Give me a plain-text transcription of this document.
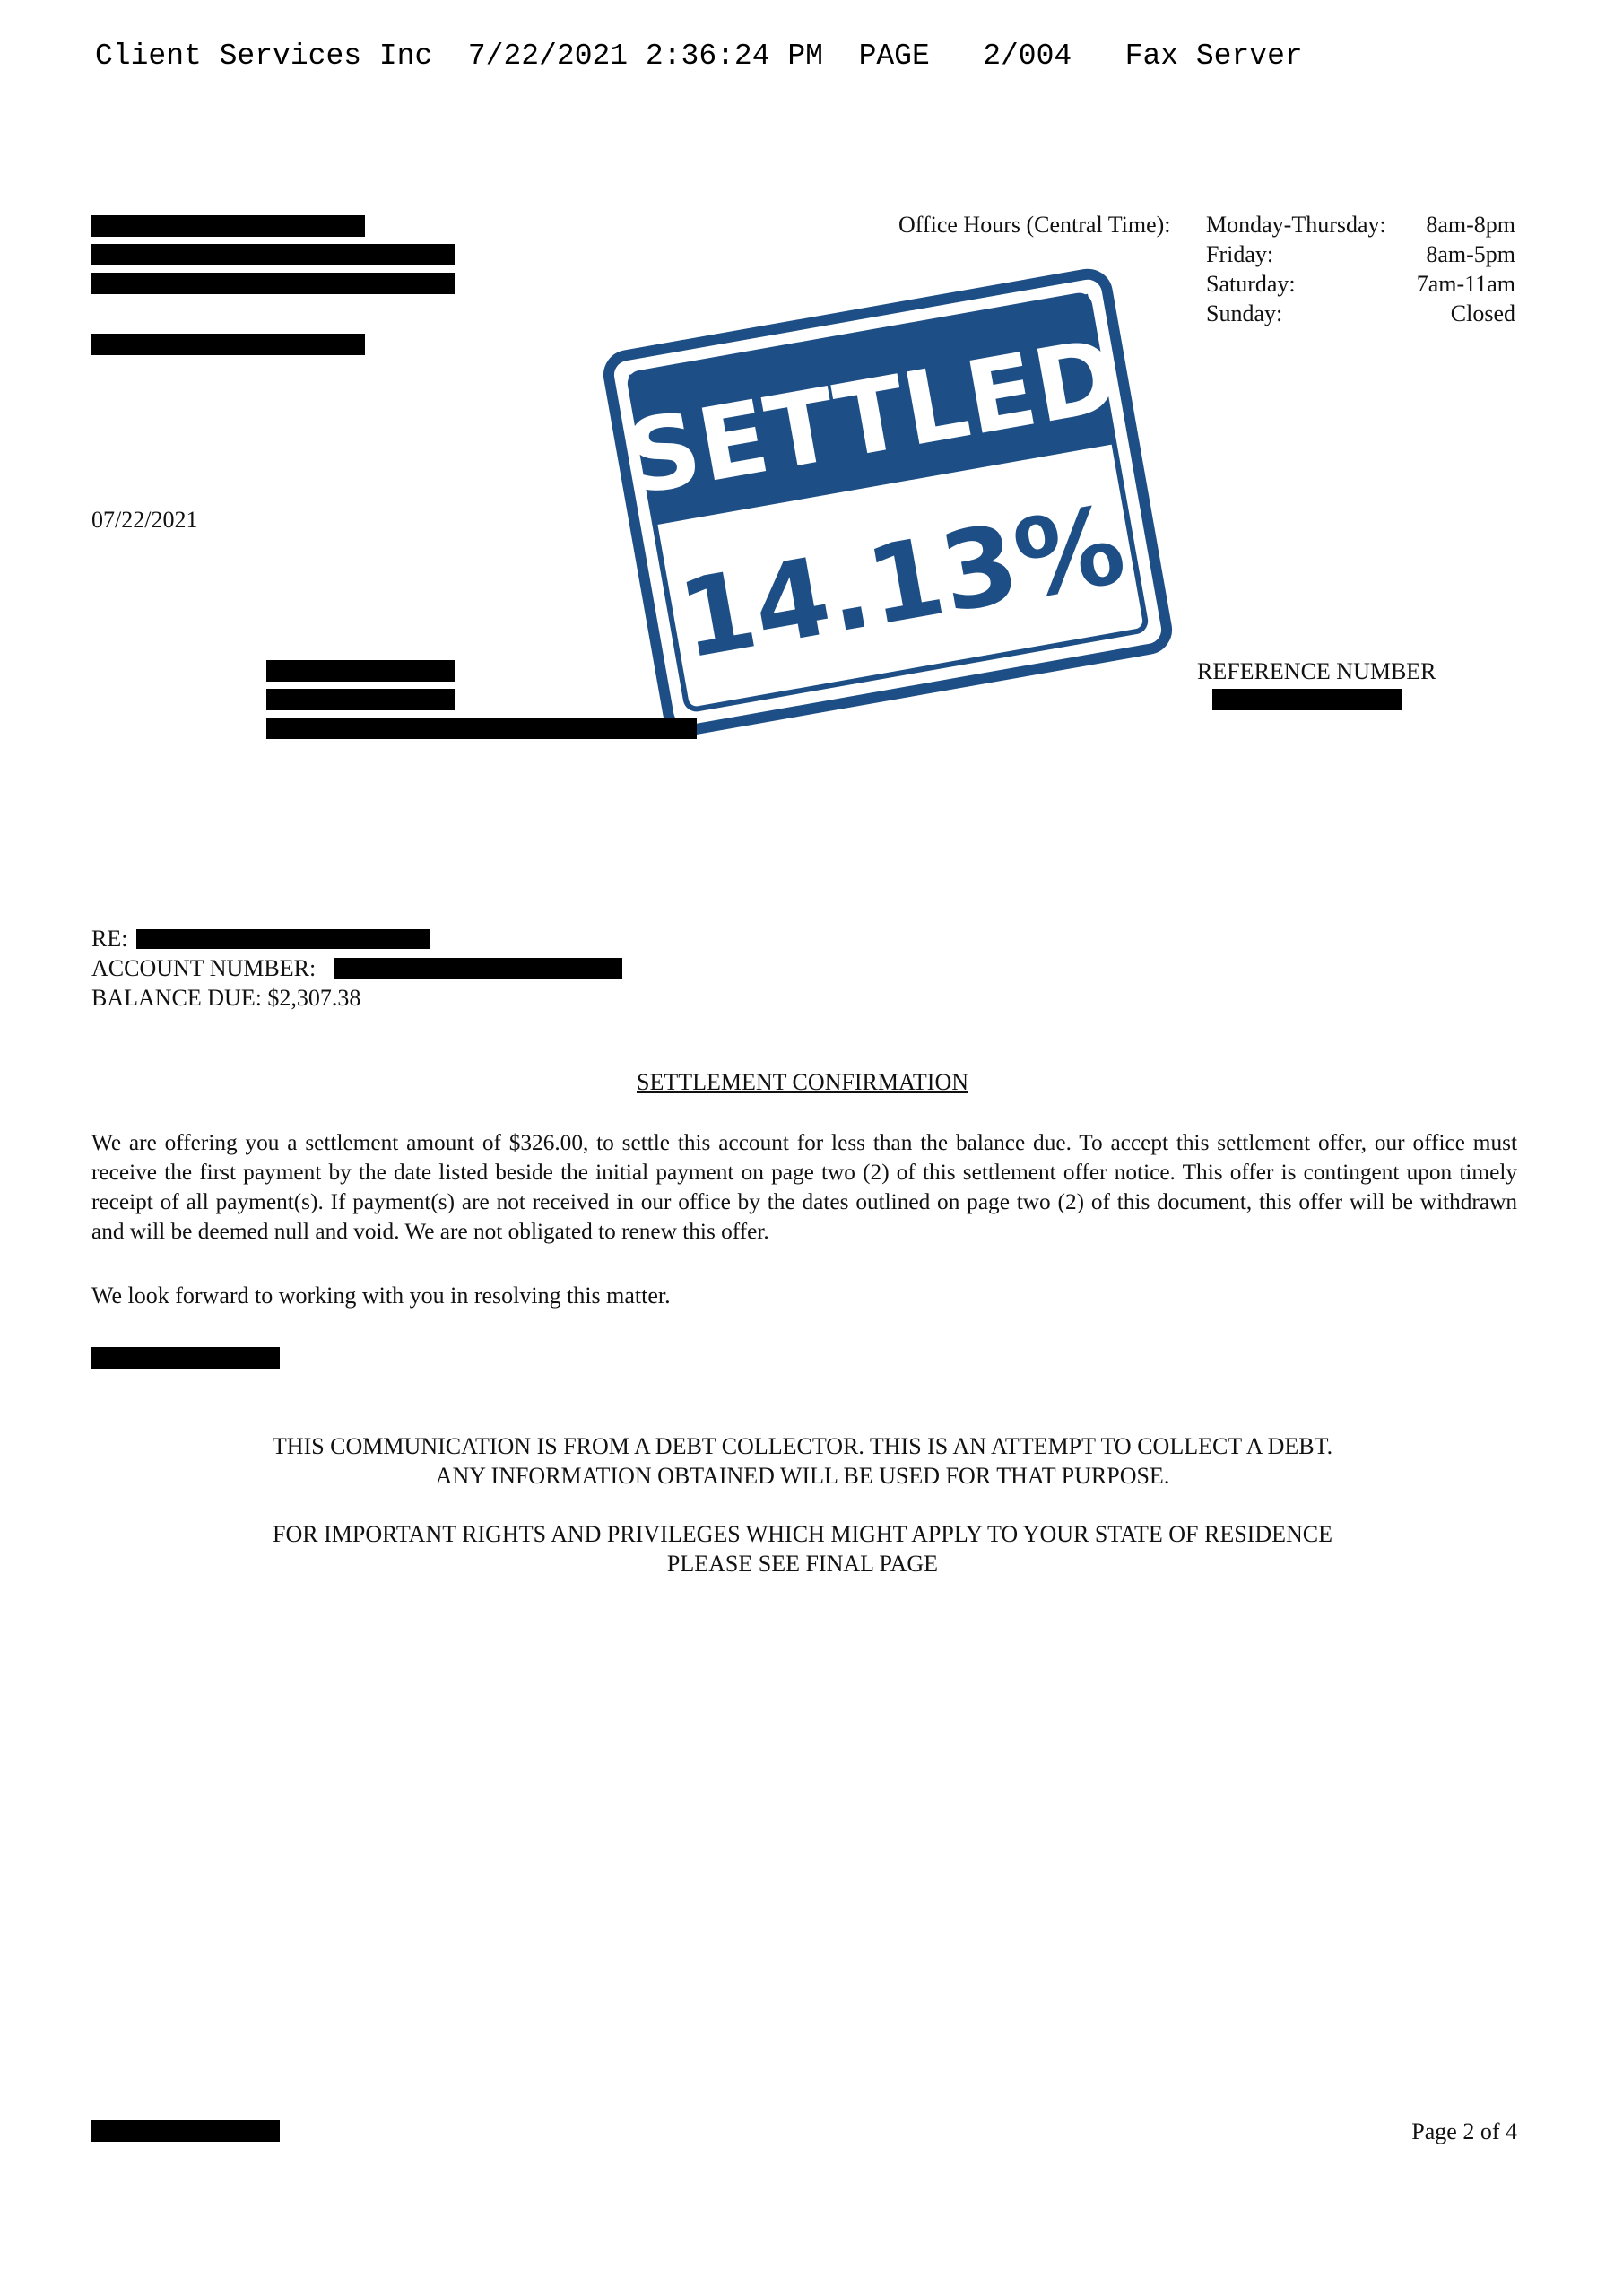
Client Services Inc 7/22/2021 2:36:24 PM PAGE 2/004 Fax Server
Office Hours (Central Time): Monday-Thursday: 8am-8pm
Friday:	8am-5pm
Saturday:	7am-11am
Sunday:	Closed
SETTLED
14.13%
07/22/2021
REFERENCE NUMBER
RE:
ACCOUNT NUMBER:
BALANCE DUE: $2,307.38
SETTLEMENT CONFIRMATION
We are offering you a settlement amount of $326.00, to settle this account for less than the balance due. To accept this settlement offer, our office must receive the first payment by the date listed beside the initial payment on page two (2) of this settlement offer notice. This offer is contingent upon timely receipt of all payment(s). If payment(s) are not received in our office by the dates outlined on page two (2) of this document, this offer will be withdrawn and will be deemed null and void. We are not obligated to renew this offer.
We look forward to working with you in resolving this matter.
THIS COMMUNICATION IS FROM A DEBT COLLECTOR. THIS IS AN ATTEMPT TO COLLECT A DEBT.
ANY INFORMATION OBTAINED WILL BE USED FOR THAT PURPOSE.
FOR IMPORTANT RIGHTS AND PRIVILEGES WHICH MIGHT APPLY TO YOUR STATE OF RESIDENCE
PLEASE SEE FINAL PAGE
Page 2 of 4
